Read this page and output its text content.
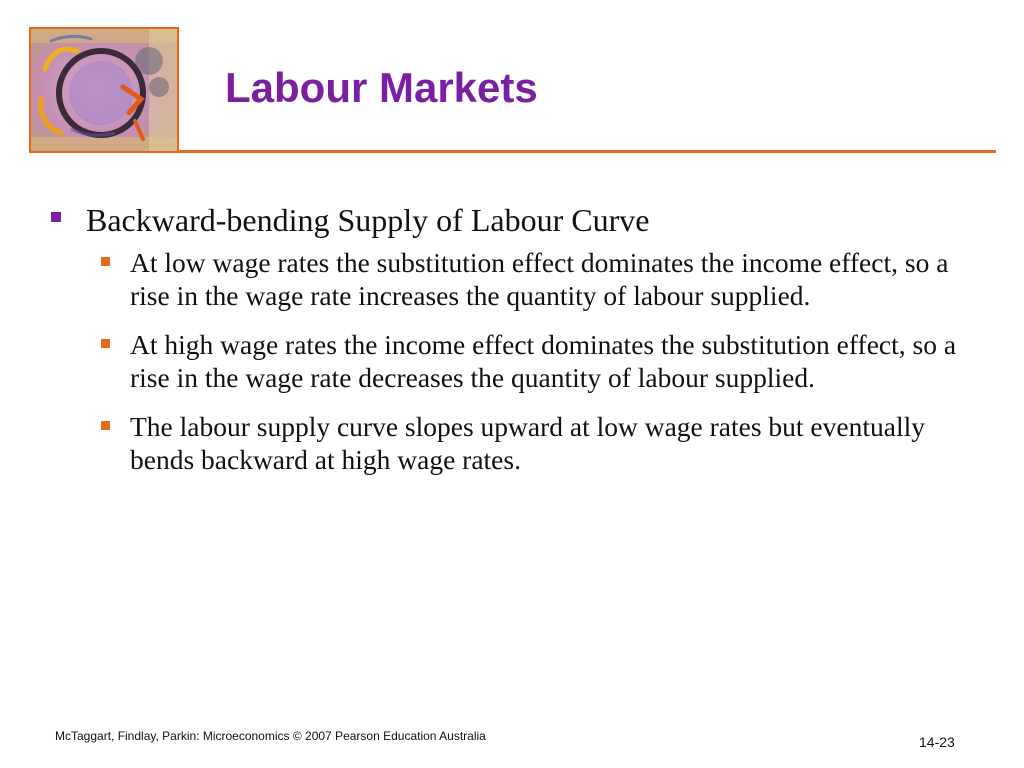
Labour Markets
Backward-bending Supply of Labour Curve
At low wage rates the substitution effect dominates the income effect, so a rise in the wage rate increases the quantity of labour supplied.
At high wage rates the income effect dominates the substitution effect, so a rise in the wage rate decreases the quantity of labour supplied.
The labour supply curve slopes upward at low wage rates but eventually bends backward at high wage rates.
McTaggart, Findlay, Parkin: Microeconomics © 2007 Pearson Education Australia	14-23
